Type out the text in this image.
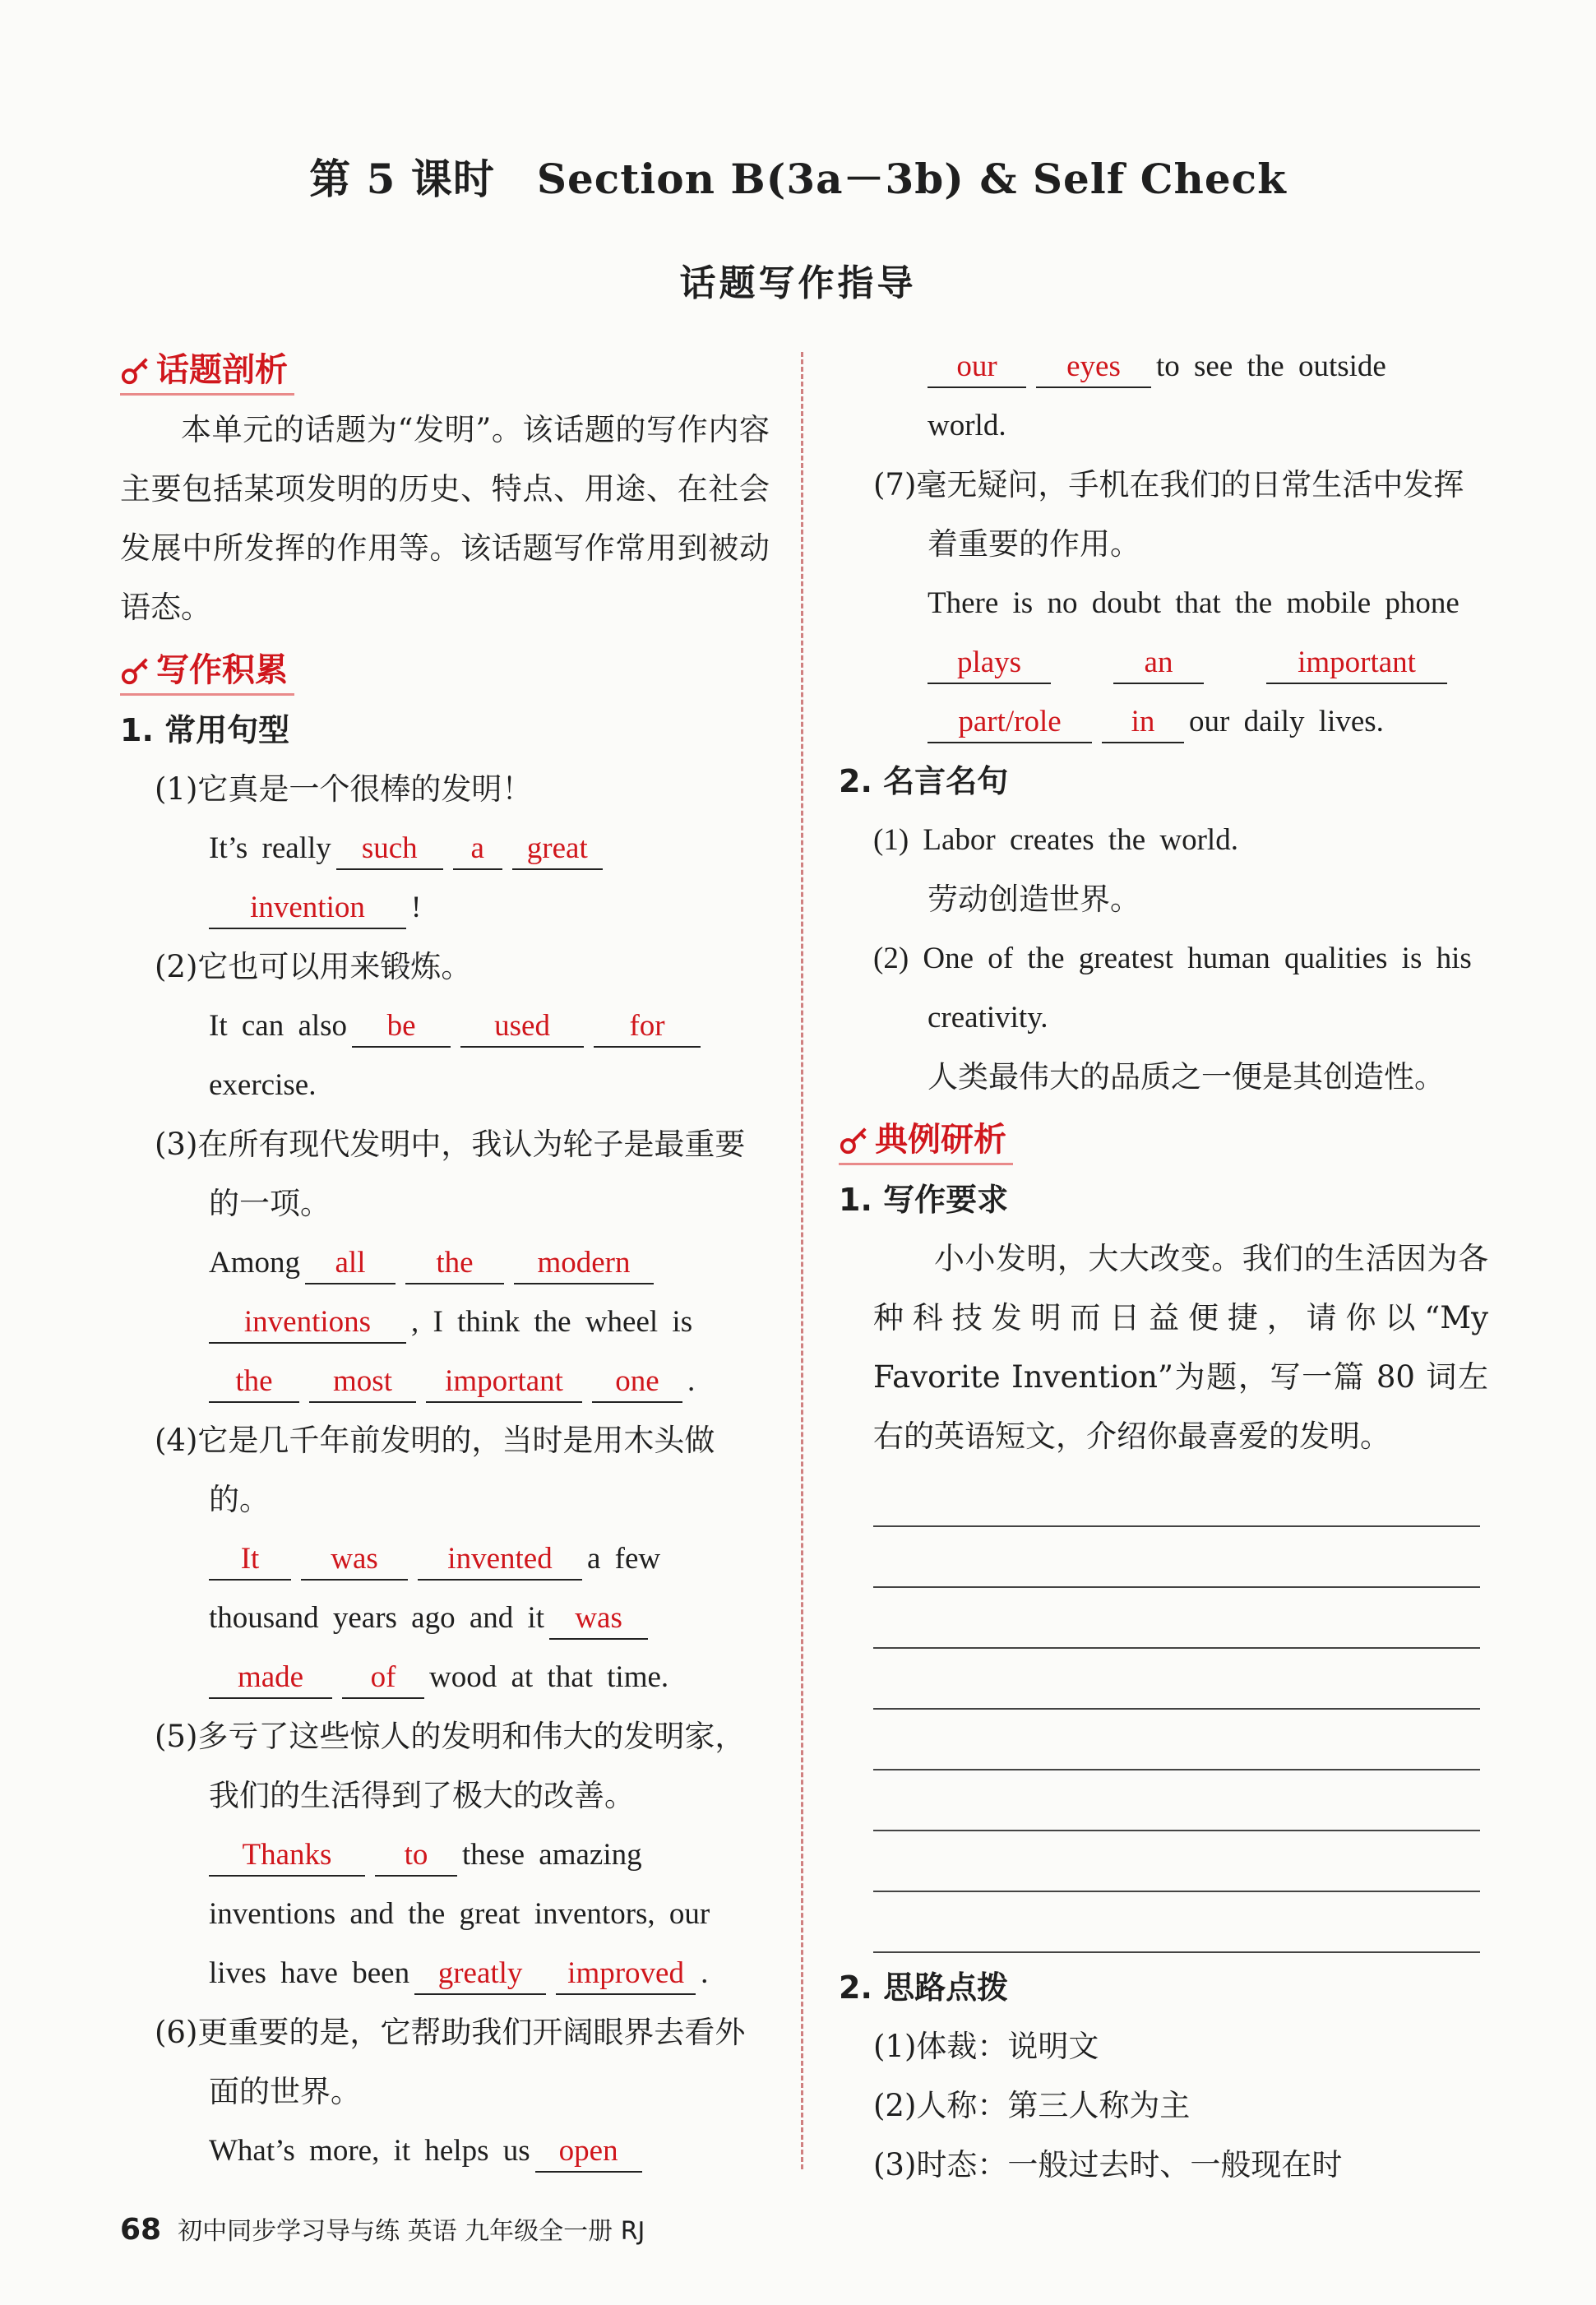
第 5 课时　Section B(3a－3b) & Self Check
话题写作指导
话题剖析

本单元的话题为“发明”。该话题的写作内容主要包括某项发明的历史、特点、用途、在社会发展中所发挥的作用等。该话题写作常用到被动语态。

写作积累

1. 常用句型

(1)它真是一个很棒的发明！

It’s really such a great

invention !

(2)它也可以用来锻炼。

It can also be	used	for

exercise.

(3)在所有现代发明中，我认为轮子是最重要的一项。

Among all the modern

inventions , I think the wheel is

the most important one .

(4)它是几千年前发明的，当时是用木头做的。

It was invented a few

thousand years ago and it was

made of wood at that time.

(5)多亏了这些惊人的发明和伟大的发明家，我们的生活得到了极大的改善。

Thanks to these amazing

inventions and the great inventors, our

lives have been greatly improved .

(6)更重要的是，它帮助我们开阔眼界去看外面的世界。

What’s more, it helps us open

our eyes to see the outside

world.

(7)毫无疑问，手机在我们的日常生活中发挥着重要的作用。

There is no doubt that the mobile phone

plays	an	important

part/role in our daily lives.

2. 名言名句

(1) Labor creates the world.

劳动创造世界。

(2) One of the greatest human qualities is his creativity.

人类最伟大的品质之一便是其创造性。

典例研析

1. 写作要求

小小发明，大大改变。我们的生活因为各种科技发明而日益便捷，请你以“My Favorite Invention”为题，写一篇 80 词左右的英语短文，介绍你最喜爱的发明。

2. 思路点拨

(1)体裁：说明文

(2)人称：第三人称为主

(3)时态：一般过去时、一般现在时

68 初中同步学习导与练 英语 九年级全一册 RJ
